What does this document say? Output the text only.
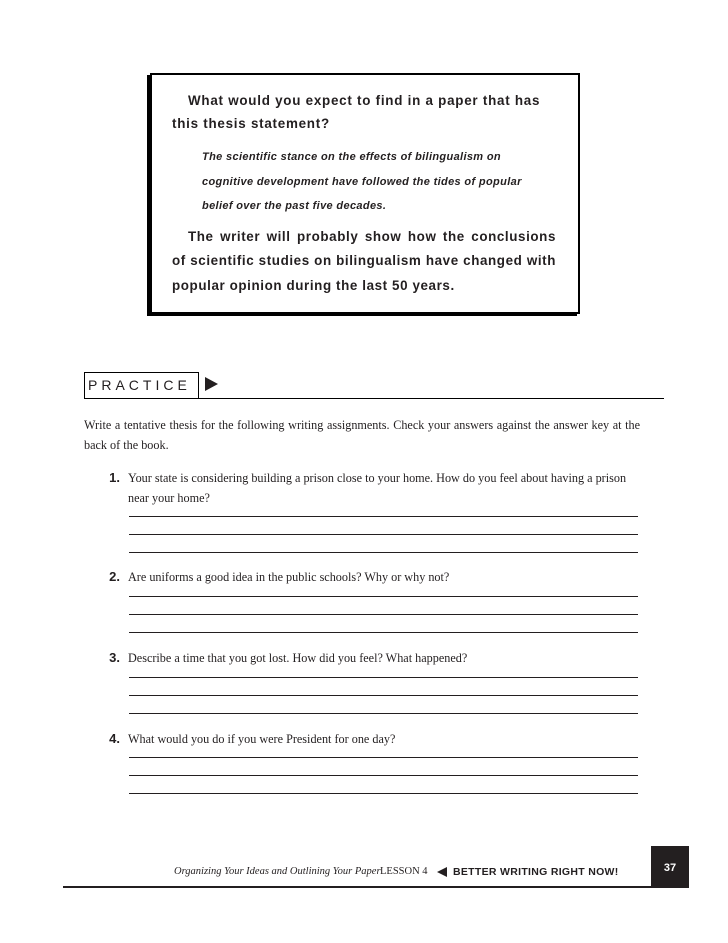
What would you expect to find in a paper that has this thesis statement?

The scientific stance on the effects of bilingualism on cognitive development have followed the tides of popular belief over the past five decades.

The writer will probably show how the conclusions of scientific studies on bilingualism have changed with popular opinion during the last 50 years.

PRACTICE

Write a tentative thesis for the following writing assignments. Check your answers against the answer key at the back of the book.

1. Your state is considering building a prison close to your home. How do you feel about having a prison near your home?
2. Are uniforms a good idea in the public schools? Why or why not?
3. Describe a time that you got lost. How did you feel? What happened?
4. What would you do if you were President for one day?
Organizing Your Ideas and Outlining Your Paper LESSON 4 BETTER WRITING RIGHT NOW!	37
